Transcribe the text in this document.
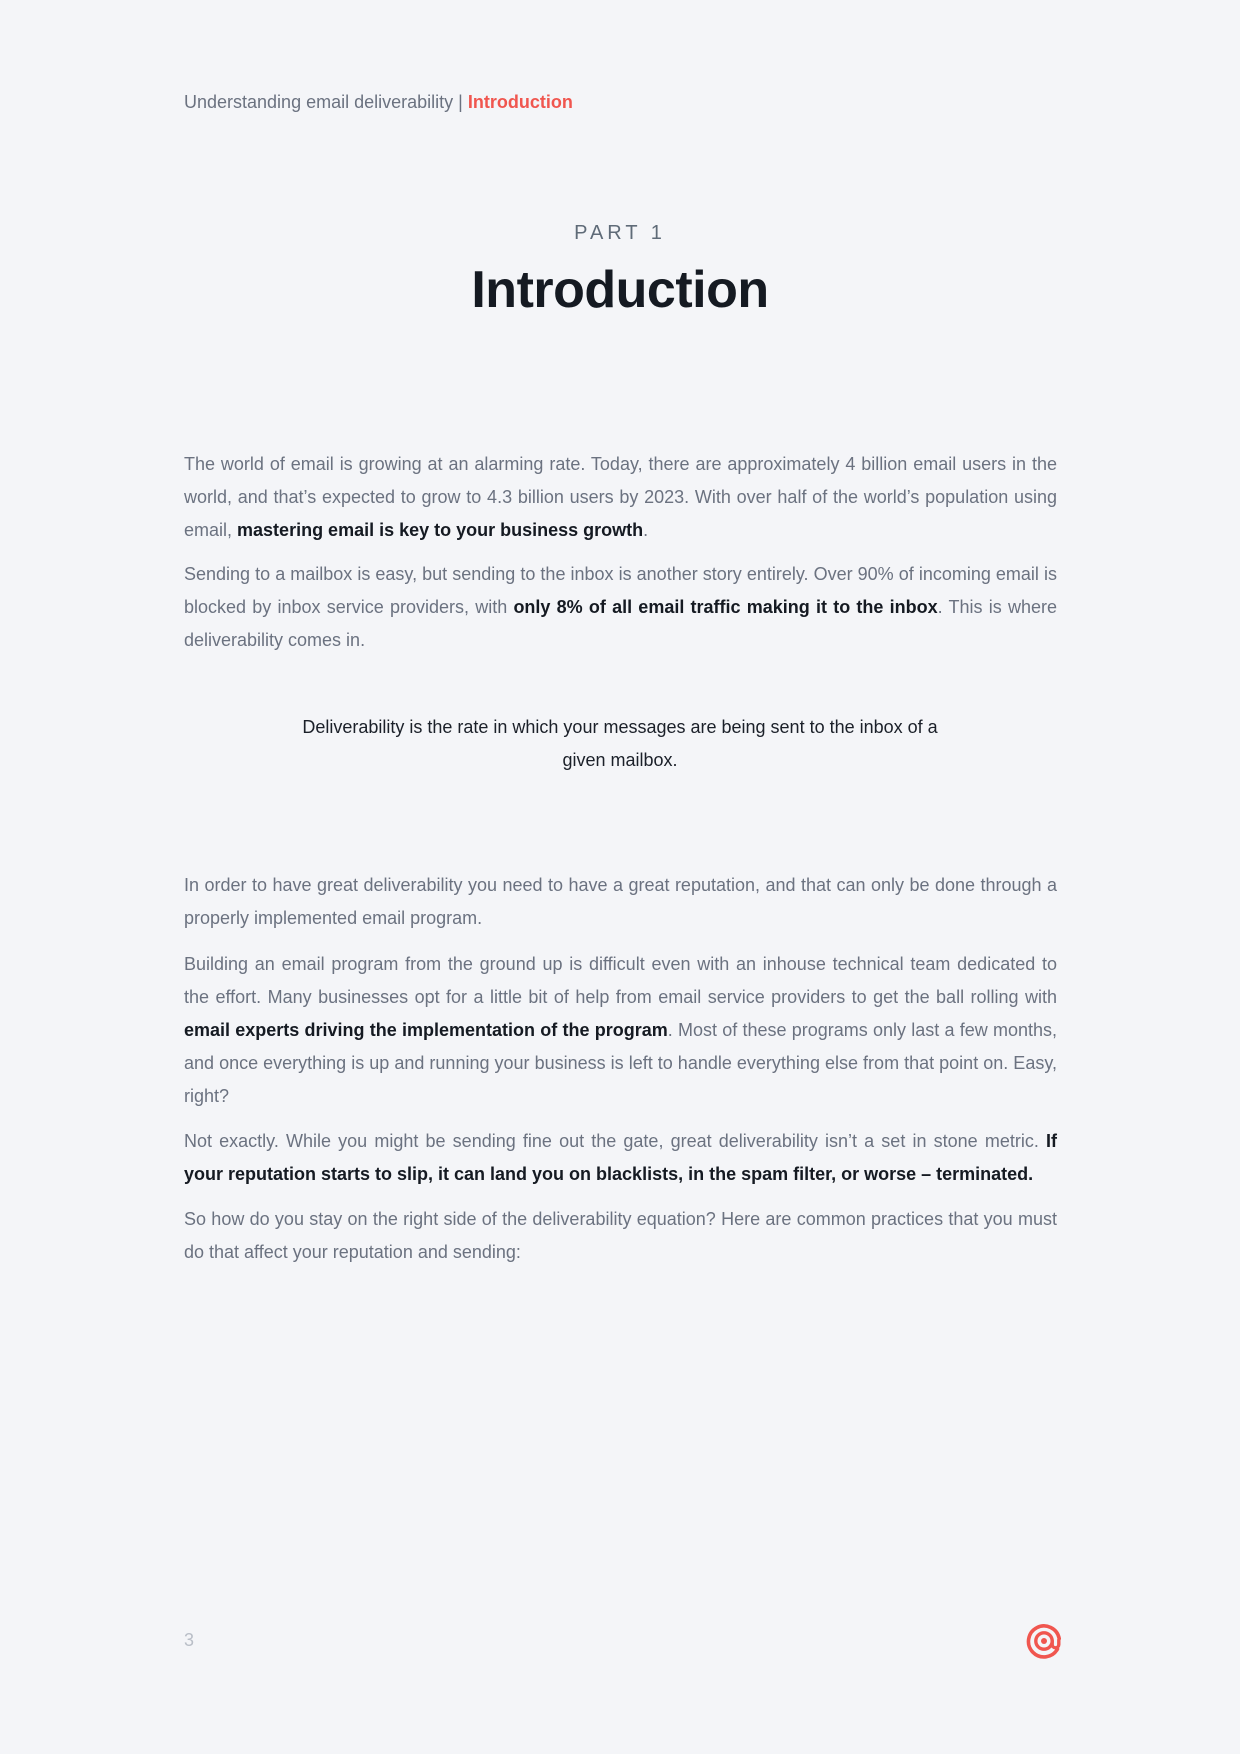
Understanding email deliverability | Introduction
PART 1
Introduction

The world of email is growing at an alarming rate. Today, there are approximately 4 billion email users in the world, and that’s expected to grow to 4.3 billion users by 2023. With over half of the world’s population using email, mastering email is key to your business growth.

Sending to a mailbox is easy, but sending to the inbox is another story entirely. Over 90% of incoming email is blocked by inbox service providers, with only 8% of all email traffic making it to the inbox. This is where deliverability comes in.

Deliverability is the rate in which your messages are being sent to the inbox of a given mailbox.

In order to have great deliverability you need to have a great reputation, and that can only be done through a properly implemented email program.

Building an email program from the ground up is difficult even with an inhouse technical team dedicated to the effort. Many businesses opt for a little bit of help from email service providers to get the ball rolling with email experts driving the implementation of the program. Most of these programs only last a few months, and once everything is up and running your business is left to handle everything else from that point on. Easy, right?

Not exactly. While you might be sending fine out the gate, great deliverability isn’t a set in stone metric. If your reputation starts to slip, it can land you on blacklists, in the spam filter, or worse – terminated.

So how do you stay on the right side of the deliverability equation? Here are common practices that you must do that affect your reputation and sending:

3
